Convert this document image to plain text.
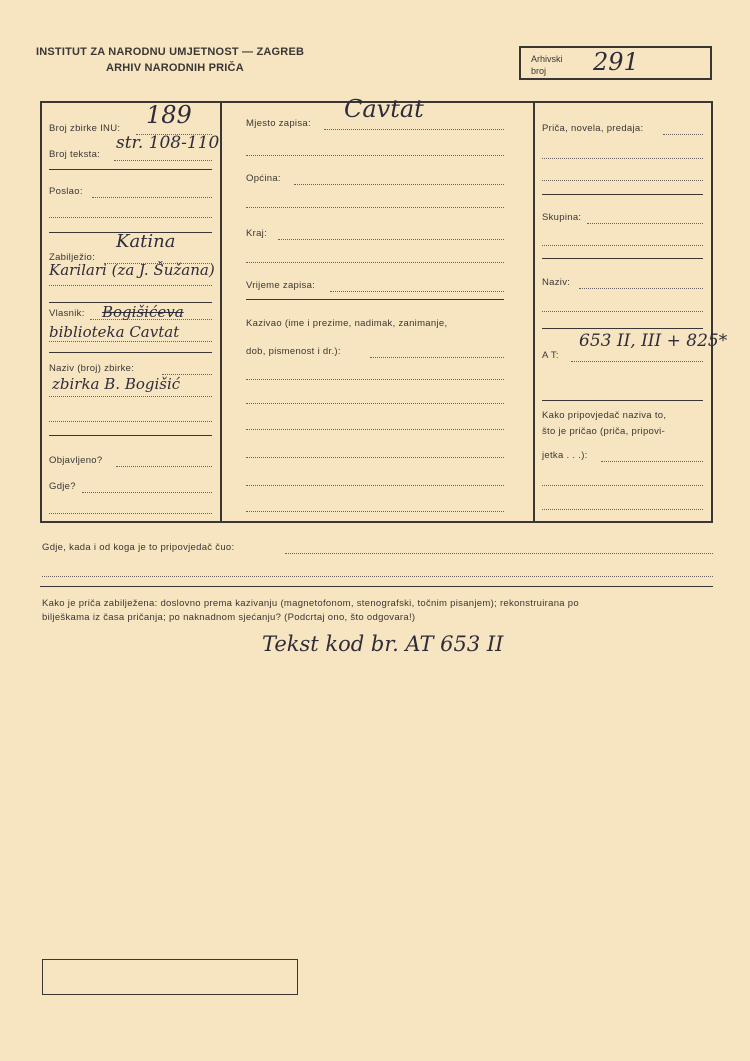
INSTITUT ZA NARODNU UMJETNOST — ZAGREB
ARHIV NARODNIH PRIČA
Arhivski
broj	291
Broj zbirke INU: 189
Broj teksta:
str. 108-110
Poslao:
Zabilježio:
Katina
Karilari (za J. Šužana)
Vlasnik: Bogišićeva
biblioteka Cavtat
Naziv (broj) zbirke:
zbirka B. Bogišić
Objavljeno?
Gdje?
Mjesto zapisa:
Cavtat
Općina:
Kraj:
Vrijeme zapisa:
Kazivao (ime i prezime, nadimak, zanimanje,
dob, pismenost i dr.):
Priča, novela, predaja:
Skupina:
Naziv:
A T:
653 II, III + 825*
Kako pripovjedač naziva to,
što je pričao (priča, pripovi-
jetka . . .):
Gdje, kada i od koga je to pripovjedač čuo:
Kako je priča zabilježena: doslovno prema kazivanju (magnetofonom, stenografski, točnim pisanjem); rekonstruirana po
bilješkama iz časa pričanja; po naknadnom sjećanju? (Podcrtaj ono, što odgovara!)
Tekst kod br. AT 653 II
